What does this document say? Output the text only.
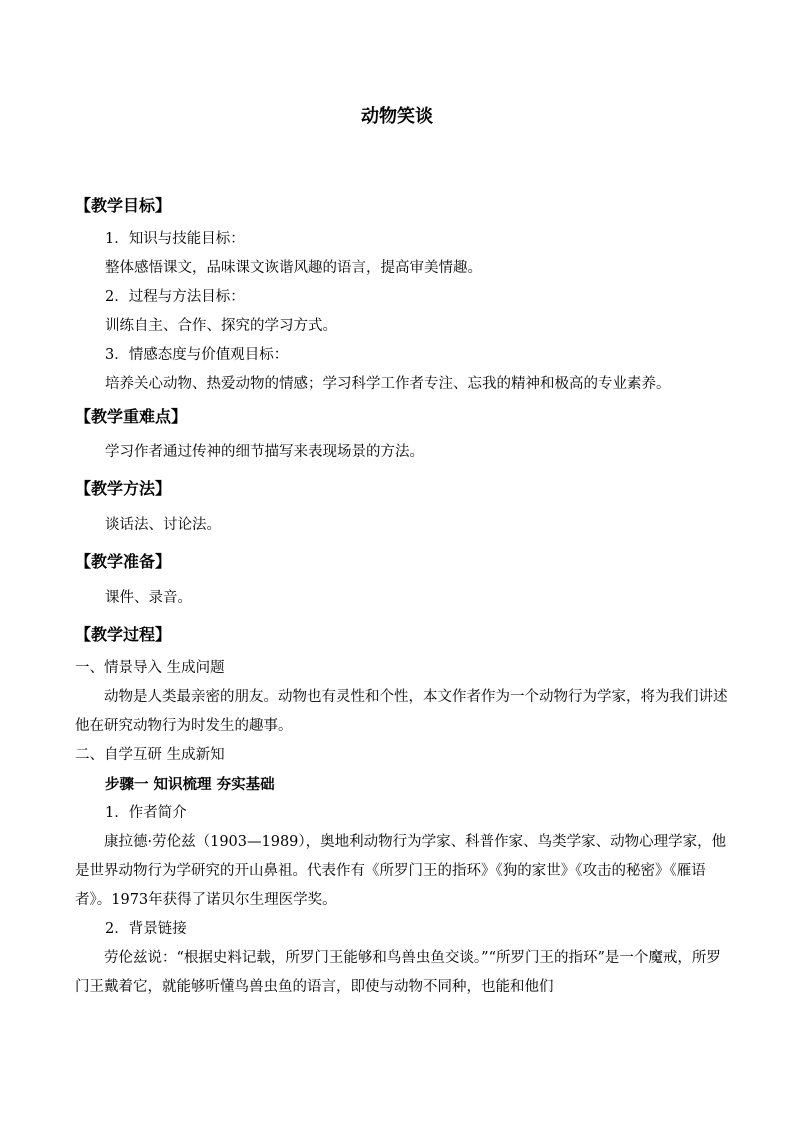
动物笑谈
【教学目标】
1．知识与技能目标：
整体感悟课文，品味课文诙谐风趣的语言，提高审美情趣。
2．过程与方法目标：
训练自主、合作、探究的学习方式。
3．情感态度与价值观目标：
培养关心动物、热爱动物的情感；学习科学工作者专注、忘我的精神和极高的专业素养。
【教学重难点】
学习作者通过传神的细节描写来表现场景的方法。
【教学方法】
谈话法、讨论法。
【教学准备】
课件、录音。
【教学过程】
一、情景导入 生成问题
动物是人类最亲密的朋友。动物也有灵性和个性，本文作者作为一个动物行为学家，将为我们讲述他在研究动物行为时发生的趣事。
二、自学互研 生成新知
步骤一 知识梳理 夯实基础
1．作者简介
康拉德·劳伦兹（1903—1989），奥地利动物行为学家、科普作家、鸟类学家、动物心理学家，他是世界动物行为学研究的开山鼻祖。代表作有《所罗门王的指环》《狗的家世》《攻击的秘密》《雁语者》。1973年获得了诺贝尔生理医学奖。
2．背景链接
劳伦兹说：“根据史料记载，所罗门王能够和鸟兽虫鱼交谈。”“所罗门王的指环”是一个魔戒，所罗门王戴着它，就能够听懂鸟兽虫鱼的语言，即使与动物不同种，也能和他们
